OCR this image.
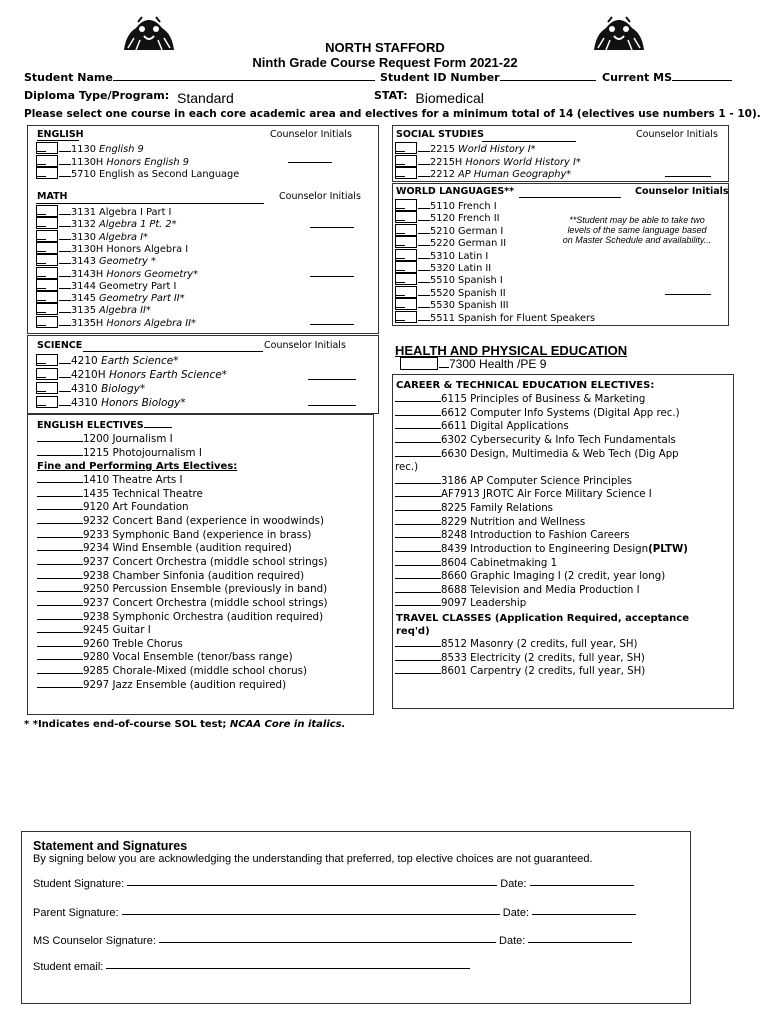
NORTH STAFFORD
Ninth Grade Course Request Form 2021-22
Student Name	Student ID Number	Current MS
Diploma Type/Program: Standard	STAT: Biomedical
Please select one course in each core academic area and electives for a minimum total of 14 (electives use numbers 1 - 10).
ENGLISH	Counselor Initials
1130 English 9
1130H Honors English 9
5710 English as Second Language
MATH	Counselor Initials
3131 Algebra I Part I
3132 Algebra 1 Pt. 2*
3130 Algebra I*
3130H Honors Algebra I
3143 Geometry *
3143H Honors Geometry*
3144 Geometry Part I
3145 Geometry Part II*
3135 Algebra II*
3135H Honors Algebra II*
SCIENCE	Counselor Initials
4210 Earth Science*
4210H Honors Earth Science*
4310 Biology*
4310 Honors Biology*
ENGLISH ELECTIVES
1200 Journalism I
1215 Photojournalism I
Fine and Performing Arts Electives:
1410 Theatre Arts I
1435 Technical Theatre
9120 Art Foundation
9232 Concert Band (experience in woodwinds)
9233 Symphonic Band (experience in brass)
9234 Wind Ensemble (audition required)
9237 Concert Orchestra (middle school strings)
9238 Chamber Sinfonia (audition required)
9250 Percussion Ensemble (previously in band)
9237 Concert Orchestra (middle school strings)
9238 Symphonic Orchestra (audition required)
9245 Guitar I
9260 Treble Chorus
9280 Vocal Ensemble (tenor/bass range)
9285 Chorale-Mixed (middle school chorus)
9297 Jazz Ensemble (audition required)
SOCIAL STUDIES	Counselor Initials
2215 World History I*
2215H Honors World History I*
2212 AP Human Geography*
WORLD LANGUAGES**	Counselor Initials
**Student may be able to take two levels of the same language based on Master Schedule and availability...
5110 French I
5120 French II
5210 German I
5220 German II
5310 Latin I
5320 Latin II
5510 Spanish I
5520 Spanish II
5530 Spanish III
5511 Spanish for Fluent Speakers
HEALTH AND PHYSICAL EDUCATION
7300 Health /PE 9
CAREER & TECHNICAL EDUCATION ELECTIVES:
6115 Principles of Business & Marketing
6612 Computer Info Systems (Digital App rec.)
6611 Digital Applications
6302 Cybersecurity & Info Tech Fundamentals
6630 Design, Multimedia & Web Tech (Dig App
rec.)
3186 AP Computer Science Principles
AF7913 JROTC Air Force Military Science I
8225 Family Relations
8229 Nutrition and Wellness
8248 Introduction to Fashion Careers
8439 Introduction to Engineering Design(PLTW)
8604 Cabinetmaking 1
8660 Graphic Imaging I (2 credit, year long)
8688 Television and Media Production I
9097 Leadership
TRAVEL CLASSES (Application Required, acceptance req'd)
8512 Masonry (2 credits, full year, SH)
8533 Electricity (2 credits, full year, SH)
8601 Carpentry (2 credits, full year, SH)
* *Indicates end-of-course SOL test; NCAA Core in italics.
Statement and Signatures
By signing below you are acknowledging the understanding that preferred, top elective choices are not guaranteed.
Student Signature:	Date:
Parent Signature:	Date:
MS Counselor Signature:	Date:
Student email:
